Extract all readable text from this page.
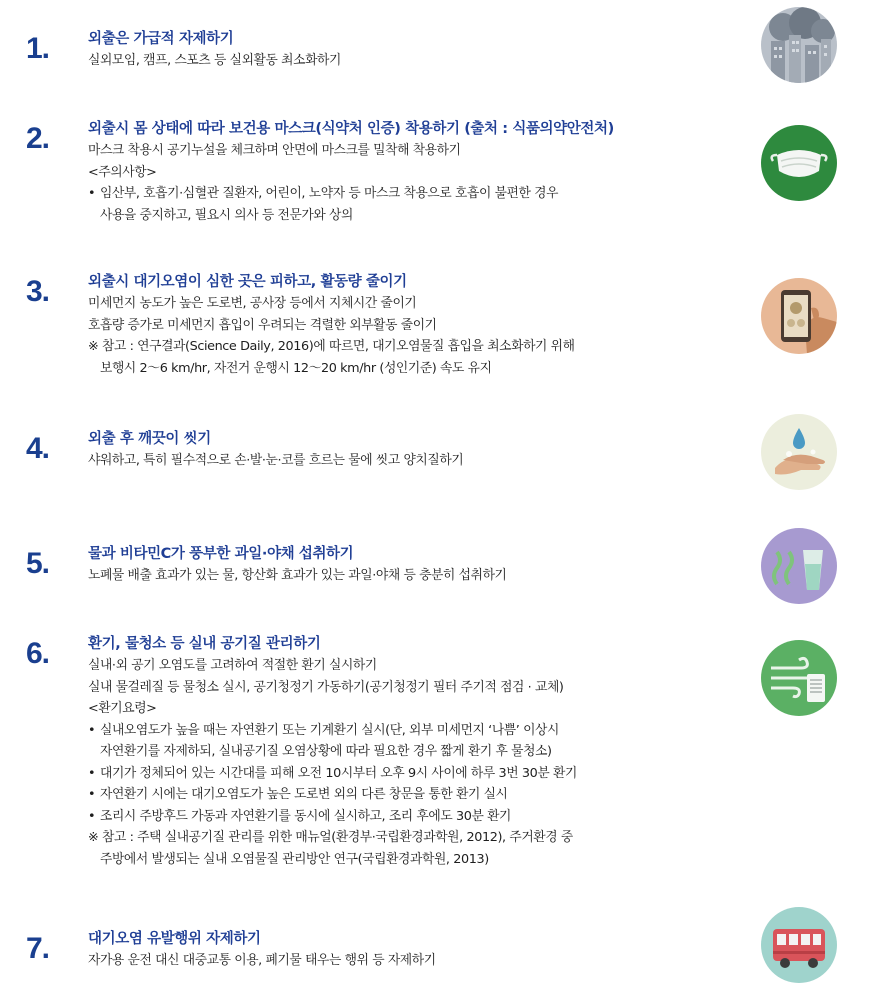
1.	외출은 가급적 자제하기
실외모임, 캠프, 스포츠 등 실외활동 최소화하기
2.	외출시 몸 상태에 따라 보건용 마스크(식약처 인증) 착용하기 (출처 : 식품의약안전처)
마스크 착용시 공기누설을 체크하며 안면에 마스크를 밀착해 착용하기
<주의사항>
• 임산부, 호흡기·심혈관 질환자, 어린이, 노약자 등 마스크 착용으로 호흡이 불편한 경우
사용을 중지하고, 필요시 의사 등 전문가와 상의
3.	외출시 대기오염이 심한 곳은 피하고, 활동량 줄이기
미세먼지 농도가 높은 도로변, 공사장 등에서 지체시간 줄이기
호흡량 증가로 미세먼지 흡입이 우려되는 격렬한 외부활동 줄이기
※ 참고 : 연구결과(Science Daily, 2016)에 따르면, 대기오염물질 흡입을 최소화하기 위해
보행시 2～6 km/hr, 자전거 운행시 12～20 km/hr (성인기준) 속도 유지
4.	외출 후 깨끗이 씻기
샤워하고, 특히 필수적으로 손·발·눈·코를 흐르는 물에 씻고 양치질하기
5.	물과 비타민C가 풍부한 과일·야채 섭취하기
노폐물 배출 효과가 있는 물, 항산화 효과가 있는 과일·야채 등 충분히 섭취하기
6.	환기, 물청소 등 실내 공기질 관리하기
실내·외 공기 오염도를 고려하여 적절한 환기 실시하기
실내 물걸레질 등 물청소 실시, 공기청정기 가동하기(공기청정기 필터 주기적 점검 · 교체)
<환기요령>
• 실내오염도가 높을 때는 자연환기 또는 기계환기 실시(단, 외부 미세먼지 ‘나쁨’ 이상시
자연환기를 자제하되, 실내공기질 오염상황에 따라 필요한 경우 짧게 환기 후 물청소)
• 대기가 정체되어 있는 시간대를 피해 오전 10시부터 오후 9시 사이에 하루 3번 30분 환기
• 자연환기 시에는 대기오염도가 높은 도로변 외의 다른 창문을 통한 환기 실시
• 조리시 주방후드 가동과 자연환기를 동시에 실시하고, 조리 후에도 30분 환기
※ 참고 : 주택 실내공기질 관리를 위한 매뉴얼(환경부·국립환경과학원, 2012), 주거환경 중
주방에서 발생되는 실내 오염물질 관리방안 연구(국립환경과학원, 2013)
7.	대기오염 유발행위 자제하기
자가용 운전 대신 대중교통 이용, 폐기물 태우는 행위 등 자제하기
